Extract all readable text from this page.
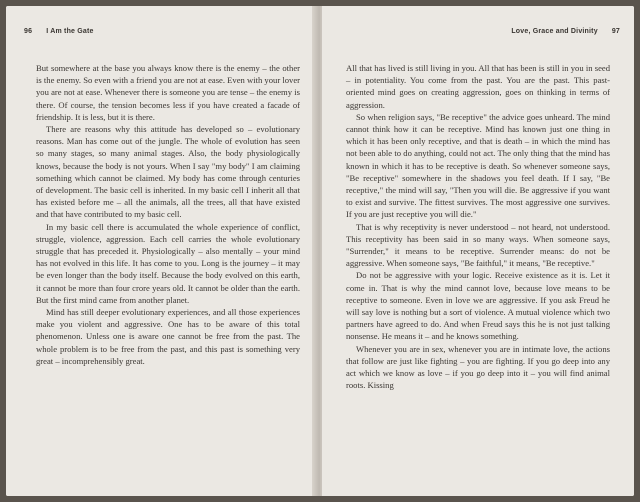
96 I Am the Gate

But somewhere at the base you always know there is the enemy – the other is the enemy. So even with a friend you are not at ease. Even with your lover you are not at ease. Whenever there is someone you are tense – the enemy is there. Of course, the tension becomes less if you have created a facade of friendship. It is less, but it is there.

There are reasons why this attitude has developed so – evolutionary reasons. Man has come out of the jungle. The whole of evolution has seen so many stages, so many animal stages. Also, the body physiologically knows, because the body is not yours. When I say "my body" I am claiming something which cannot be claimed. My body has come through centuries of development. The basic cell is inherited. In my basic cell I inherit all that has existed before me – all the animals, all the trees, all that have existed and that have contributed to my basic cell.

In my basic cell there is accumulated the whole experience of conflict, struggle, violence, aggression. Each cell carries the whole evolutionary struggle that has preceded it. Physiologically – also mentally – your mind has not evolved in this life. It has come to you. Long is the journey – it may be even longer than the body itself. Because the body evolved on this earth, it cannot be more than four crore years old. It cannot be older than the earth. But the first mind came from another planet.

Mind has still deeper evolutionary experiences, and all those experiences make you violent and aggressive. One has to be aware of this total phenomenon. Unless one is aware one cannot be free from the past. The whole problem is to be free from the past, and this past is something very great – incomprehensibly great.

Love, Grace and Divinity 97

All that has lived is still living in you. All that has been is still in you in seed – in potentiality. You come from the past. You are the past. This past-oriented mind goes on creating aggression, goes on thinking in terms of aggression.

So when religion says, "Be receptive" the advice goes unheard. The mind cannot think how it can be receptive. Mind has known just one thing in which it has been only receptive, and that is death – in which the mind has not been able to do anything, could not act. The only thing that the mind has known in which it has to be receptive is death. So whenever someone says, "Be receptive" somewhere in the shadows you feel death. If I say, "Be receptive," the mind will say, "Then you will die. Be aggressive if you want to exist and survive. The fittest survives. The most aggressive one survives. If you are just receptive you will die."

That is why receptivity is never understood – not heard, not understood. This receptivity has been said in so many ways. When someone says, "Surrender," it means to be receptive. Surrender means: do not be aggressive. When someone says, "Be faithful," it means, "Be receptive."

Do not be aggressive with your logic. Receive existence as it is. Let it come in. That is why the mind cannot love, because love means to be receptive to someone. Even in love we are aggressive. If you ask Freud he will say love is nothing but a sort of violence. A mutual violence which two partners have agreed to do. And when Freud says this he is not just talking nonsense. He means it – and he knows something.

Whenever you are in sex, whenever you are in intimate love, the actions that follow are just like fighting – you are fighting. If you go deep into any act which we know as love – if you go deep into it – you will find animal roots. Kissing
